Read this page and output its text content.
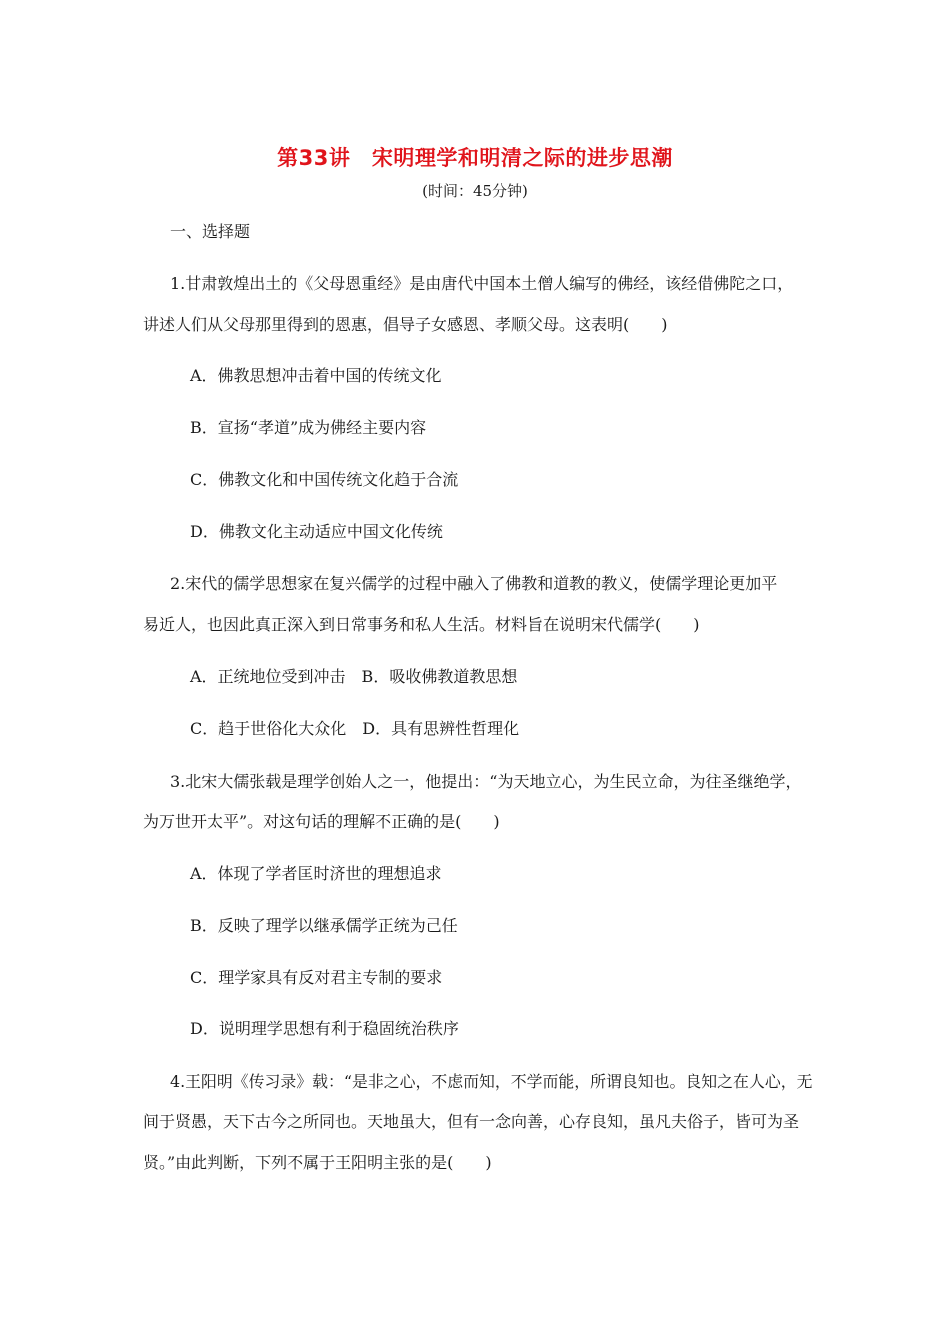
第33讲　宋明理学和明清之际的进步思潮
(时间：45分钟)
一、选择题
1.甘肃敦煌出土的《父母恩重经》是由唐代中国本土僧人编写的佛经，该经借佛陀之口，
讲述人们从父母那里得到的恩惠，倡导子女感恩、孝顺父母。这表明(　　)
A．佛教思想冲击着中国的传统文化
B．宣扬“孝道”成为佛经主要内容
C．佛教文化和中国传统文化趋于合流
D．佛教文化主动适应中国文化传统
2.宋代的儒学思想家在复兴儒学的过程中融入了佛教和道教的教义，使儒学理论更加平
易近人，也因此真正深入到日常事务和私人生活。材料旨在说明宋代儒学(　　)
A．正统地位受到冲击　B．吸收佛教道教思想
C．趋于世俗化大众化　D．具有思辨性哲理化
3.北宋大儒张载是理学创始人之一，他提出：“为天地立心，为生民立命，为往圣继绝学，
为万世开太平”。对这句话的理解不正确的是(　　)
A．体现了学者匡时济世的理想追求
B．反映了理学以继承儒学正统为己任
C．理学家具有反对君主专制的要求
D．说明理学思想有利于稳固统治秩序
4.王阳明《传习录》载：“是非之心，不虑而知，不学而能，所谓良知也。良知之在人心，无
间于贤愚，天下古今之所同也。天地虽大，但有一念向善，心存良知，虽凡夫俗子，皆可为圣
贤。”由此判断，下列不属于王阳明主张的是(　　)
